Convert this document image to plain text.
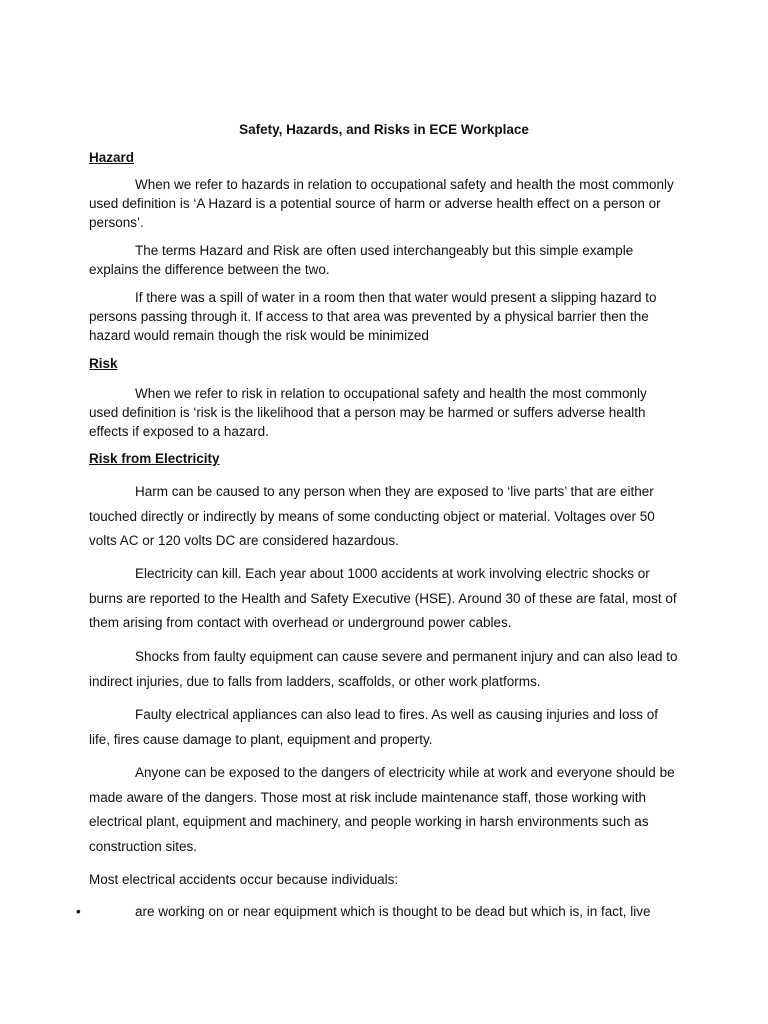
Safety, Hazards, and Risks in ECE Workplace
Hazard

When we refer to hazards in relation to occupational safety and health the most commonly used definition is ‘A Hazard is a potential source of harm or adverse health effect on a person or persons’.

The terms Hazard and Risk are often used interchangeably but this simple example explains the difference between the two.

If there was a spill of water in a room then that water would present a slipping hazard to persons passing through it. If access to that area was prevented by a physical barrier then the hazard would remain though the risk would be minimized

Risk

When we refer to risk in relation to occupational safety and health the most commonly used definition is ‘risk is the likelihood that a person may be harmed or suffers adverse health effects if exposed to a hazard.

Risk from Electricity

Harm can be caused to any person when they are exposed to ‘live parts’ that are either touched directly or indirectly by means of some conducting object or material. Voltages over 50 volts AC or 120 volts DC are considered hazardous.

Electricity can kill. Each year about 1000 accidents at work involving electric shocks or burns are reported to the Health and Safety Executive (HSE). Around 30 of these are fatal, most of them arising from contact with overhead or underground power cables.

Shocks from faulty equipment can cause severe and permanent injury and can also lead to indirect injuries, due to falls from ladders, scaffolds, or other work platforms.

Faulty electrical appliances can also lead to fires. As well as causing injuries and loss of life, fires cause damage to plant, equipment and property.

Anyone can be exposed to the dangers of electricity while at work and everyone should be made aware of the dangers. Those most at risk include maintenance staff, those working with electrical plant, equipment and machinery, and people working in harsh environments such as construction sites.

Most electrical accidents occur because individuals:

•	are working on or near equipment which is thought to be dead but which is, in fact, live
